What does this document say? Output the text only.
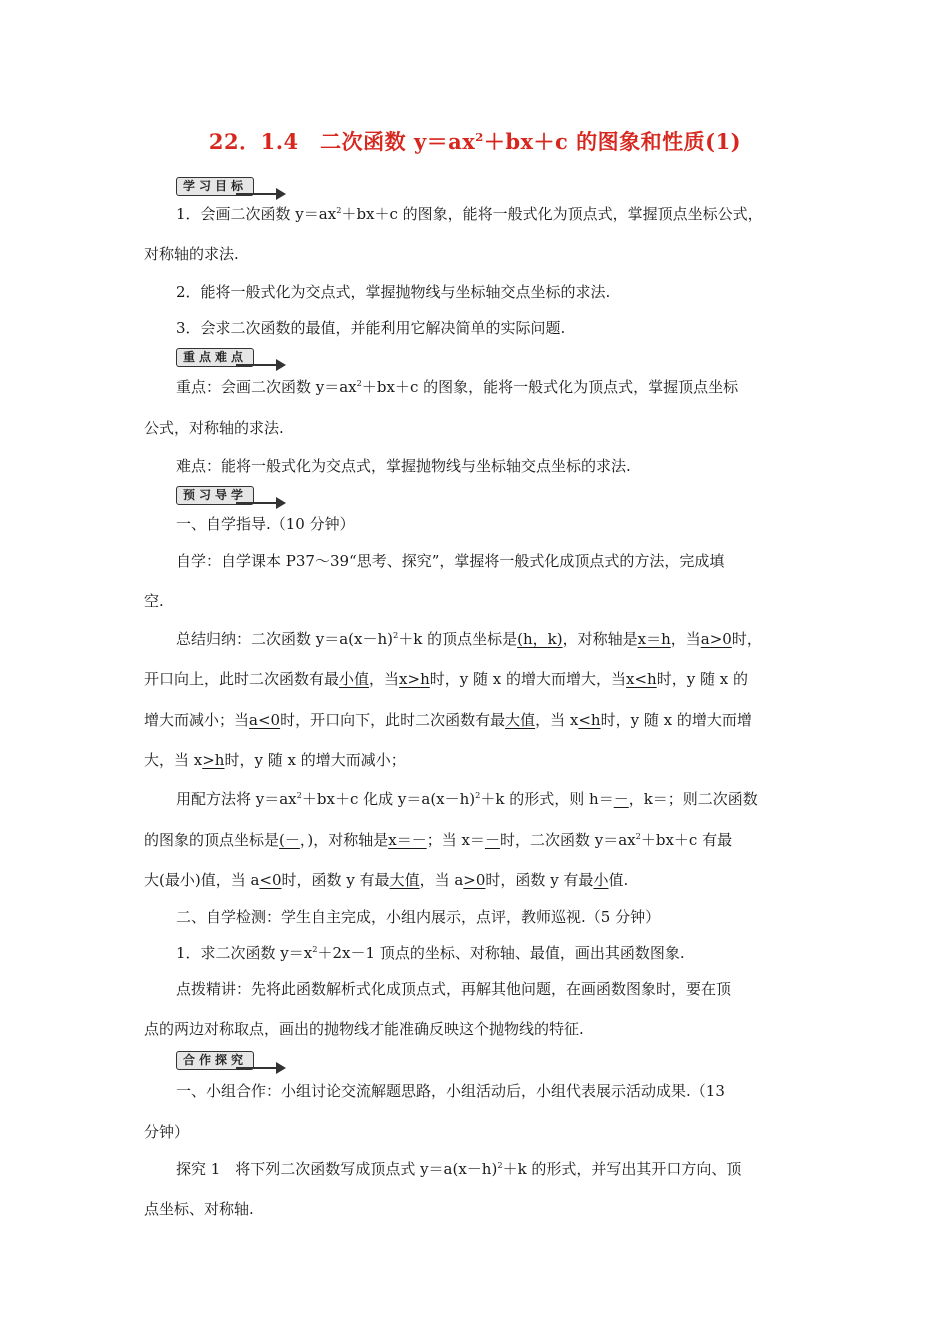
22．1.4　二次函数 $y=ax^2+bx+c$ 的图象和性质(1)
学习目标
1．会画二次函数 $y=ax^2+bx+c$ 的图象，能将一般式化为顶点式，掌握顶点坐标公式，
对称轴的求法.
2．能将一般式化为交点式，掌握抛物线与坐标轴交点坐标的求法.
3．会求二次函数的最值，并能利用它解决简单的实际问题.
重点难点
重点：会画二次函数 $y=ax^2+bx+c$ 的图象，能将一般式化为顶点式，掌握顶点坐标
公式，对称轴的求法.
难点：能将一般式化为交点式，掌握抛物线与坐标轴交点坐标的求法.
预习导学
一、自学指导.（10 分钟）
自学：自学课本 P37～39“思考、探究”，掌握将一般式化成顶点式的方法，完成填
空.
总结归纳：二次函数 $y=a(x-h)^2+k$ 的顶点坐标是(h，k)，对称轴是x＝h，当a>0时，
开口向上，此时二次函数有最小值，当x>h时，y 随 x 的增大而增大，当x<h时，y 随 x 的
增大而减小；当a<0时，开口向下，此时二次函数有最大值，当 x<h时，y 随 x 的增大而增
大，当 x>h时，y 随 x 的增大而减小；
用配方法将 $y=ax^2+bx+c$ 化成 $y=a(x-h)^2+k$ 的形式，则 h＝－，k＝；则二次函数
的图象的顶点坐标是(－，)，对称轴是x＝－；当 x＝－时，二次函数 $y=ax^2+bx+c$ 有最
大(最小)值，当 a<0时，函数 y 有最大值，当 a>0时，函数 y 有最小值.
二、自学检测：学生自主完成，小组内展示，点评，教师巡视.（5 分钟）
1．求二次函数 $y=x^2+2x-1$ 顶点的坐标、对称轴、最值，画出其函数图象.
点拨精讲：先将此函数解析式化成顶点式，再解其他问题，在画函数图象时，要在顶
点的两边对称取点，画出的抛物线才能准确反映这个抛物线的特征.
合作探究
一、小组合作：小组讨论交流解题思路，小组活动后，小组代表展示活动成果.（13
分钟）
探究 1　将下列二次函数写成顶点式 $y=a(x-h)^2+k$ 的形式，并写出其开口方向、顶
点坐标、对称轴.
